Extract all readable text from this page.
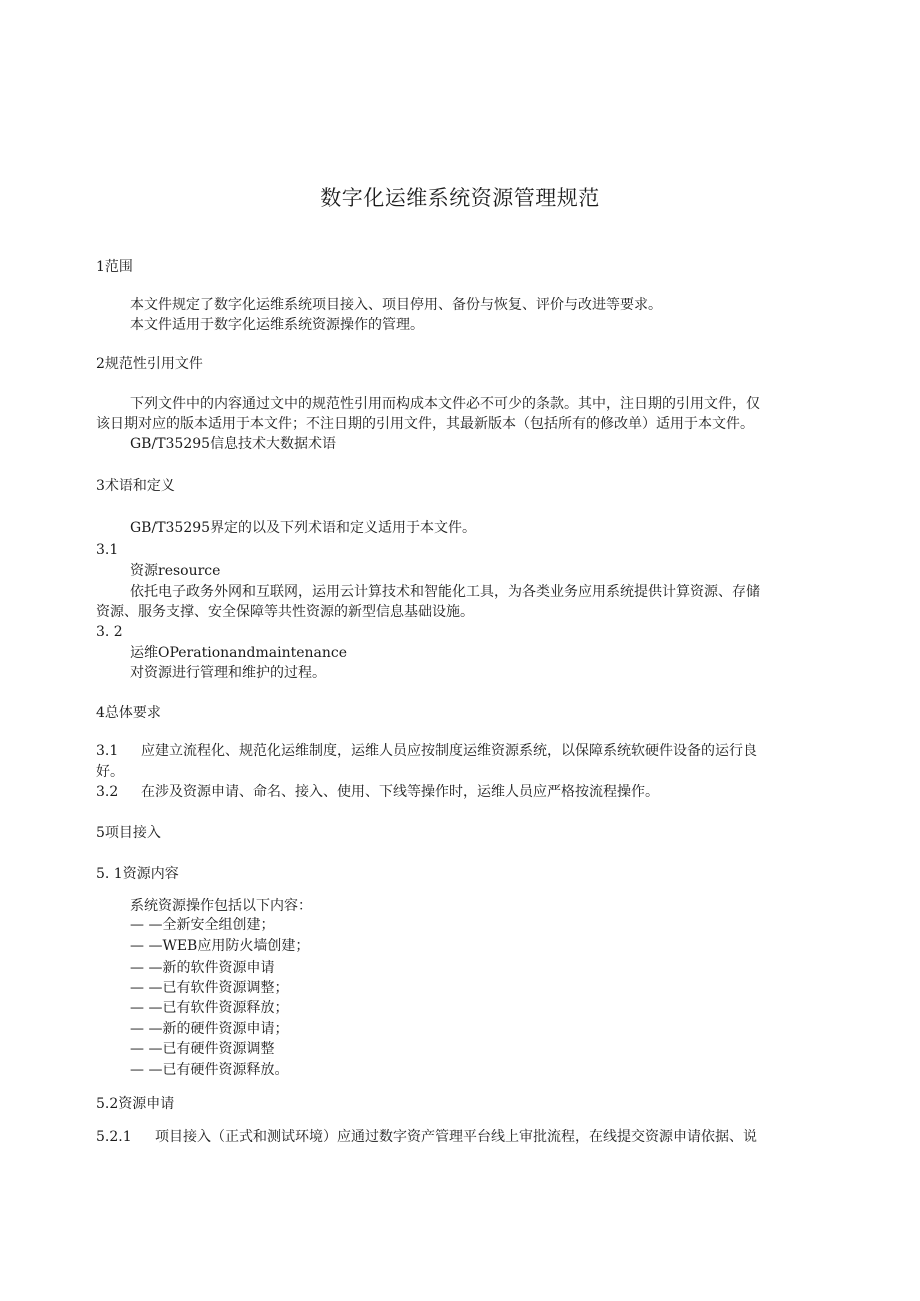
数字化运维系统资源管理规范
1范围
本文件规定了数字化运维系统项目接入、项目停用、备份与恢复、评价与改进等要求。
本文件适用于数字化运维系统资源操作的管理。
2规范性引用文件
下列文件中的内容通过文中的规范性引用而构成本文件必不可少的条款。其中，注日期的引用文件，仅
该日期对应的版本适用于本文件；不注日期的引用文件，其最新版本（包括所有的修改单）适用于本文件。
GB/T35295信息技术大数据术语
3术语和定义
GB/T35295界定的以及下列术语和定义适用于本文件。
3.1
资源resource
依托电子政务外网和互联网，运用云计算技术和智能化工具，为各类业务应用系统提供计算资源、存储
资源、服务支撑、安全保障等共性资源的新型信息基础设施。
3. 2
运维OPerationandmaintenance
对资源进行管理和维护的过程。
4总体要求
3.1 应建立流程化、规范化运维制度，运维人员应按制度运维资源系统，以保障系统软硬件设备的运行良
好。
3.2 在涉及资源申请、命名、接入、使用、下线等操作时，运维人员应严格按流程操作。
5项目接入
5. 1资源内容
系统资源操作包括以下内容：
— —全新安全组创建；
— —WEB应用防火墙创建；
— —新的软件资源申请
— —已有软件资源调整；
— —已有软件资源释放；
— —新的硬件资源申请；
— —已有硬件资源调整
— —已有硬件资源释放。
5.2资源申请
5.2.1 项目接入（正式和测试环境）应通过数字资产管理平台线上审批流程，在线提交资源申请依据、说
